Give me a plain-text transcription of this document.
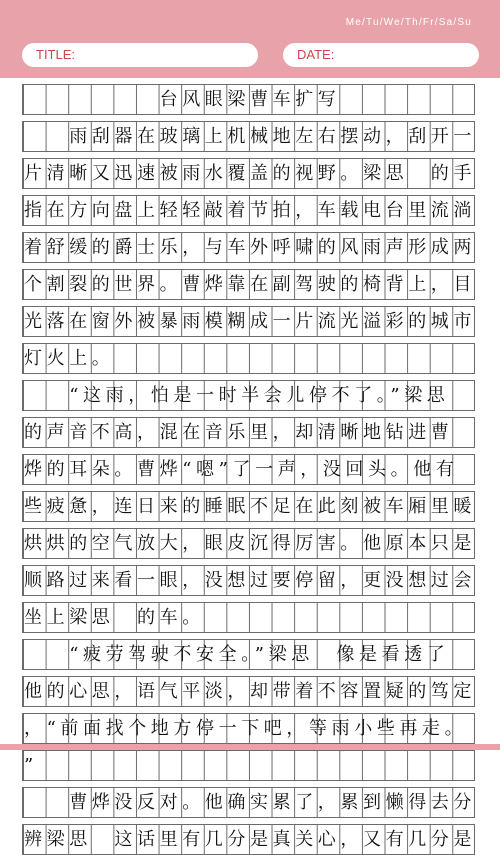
Me/Tu/We/Th/Fr/Sa/Su
TITLE:	DATE:
　　　　　　台风眼梁曹车扩写
　　雨刮器在玻璃上机械地左右摆动，刮开一
片清晰又迅速被雨水覆盖的视野。梁思　的手
指在方向盘上轻轻敲着节拍，车载电台里流淌
着舒缓的爵士乐，与车外呼啸的风雨声形成两
个割裂的世界。曹烨靠在副驾驶的椅背上，目
光落在窗外被暴雨模糊成一片流光溢彩的城市
灯火上。
　　“这雨，怕是一时半会儿停不了。”梁思
的声音不高，混在音乐里，却清晰地钻进曹
烨的耳朵。曹烨“嗯”了一声，没回头。他有
些疲惫，连日来的睡眠不足在此刻被车厢里暖
烘烘的空气放大，眼皮沉得厉害。他原本只是
顺路过来看一眼，没想过要停留，更没想过会
坐上梁思　的车。
　　“疲劳驾驶不安全。”梁思　像是看透了
他的心思，语气平淡，却带着不容置疑的笃定
，“前面找个地方停一下吧，等雨小些再走。
”
　　曹烨没反对。他确实累了，累到懒得去分
辨梁思　这话里有几分是真关心，又有几分是
